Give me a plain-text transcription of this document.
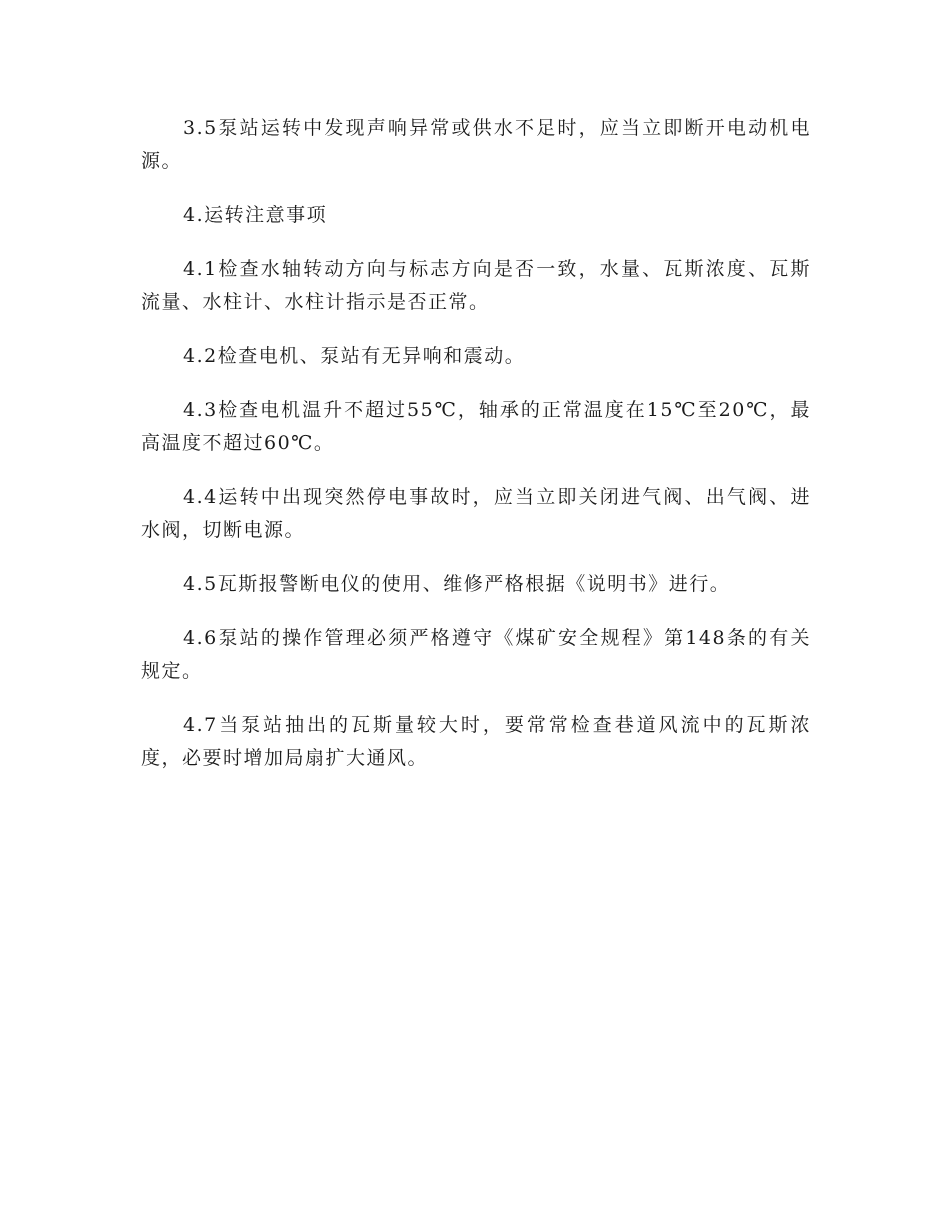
3.5泵站运转中发现声响异常或供水不足时，应当立即断开电动机电源。

4.运转注意事项

4.1检查水轴转动方向与标志方向是否一致，水量、瓦斯浓度、瓦斯流量、水柱计、水柱计指示是否正常。

4.2检查电机、泵站有无异响和震动。

4.3检查电机温升不超过55℃，轴承的正常温度在15℃至20℃，最高温度不超过60℃。

4.4运转中出现突然停电事故时，应当立即关闭进气阀、出气阀、进水阀，切断电源。

4.5瓦斯报警断电仪的使用、维修严格根据《说明书》进行。

4.6泵站的操作管理必须严格遵守《煤矿安全规程》第148条的有关规定。

4.7当泵站抽出的瓦斯量较大时，要常常检查巷道风流中的瓦斯浓度，必要时增加局扇扩大通风。
